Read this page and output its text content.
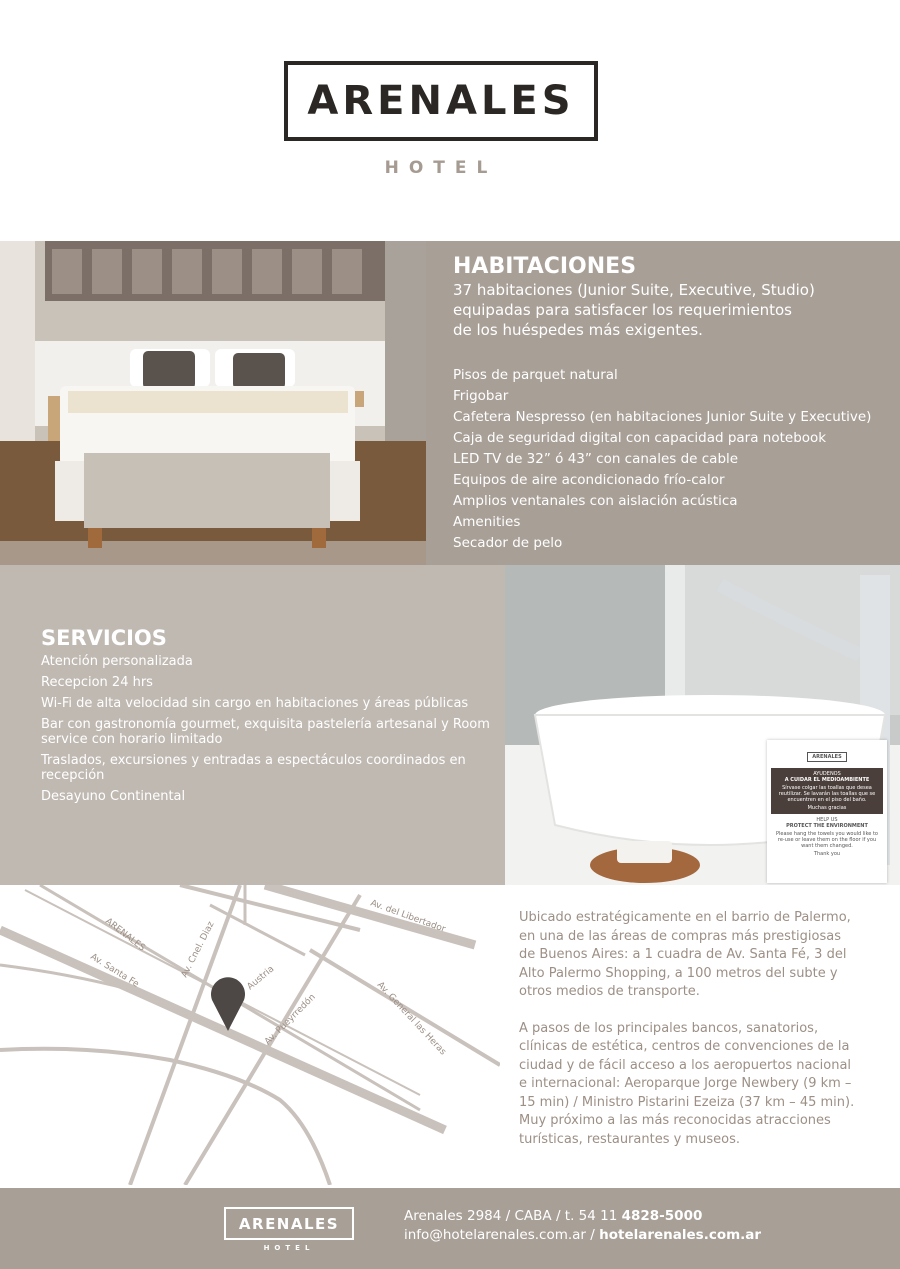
ARENALES
HOTEL
HABITACIONES
37 habitaciones (Junior Suite, Executive, Studio)
equipadas para satisfacer los requerimientos
de los huéspedes más exigentes.
Pisos de parquet natural
Frigobar
Cafetera Nespresso (en habitaciones Junior Suite y Executive)
Caja de seguridad digital con capacidad para notebook
LED TV de 32” ó 43” con canales de cable
Equipos de aire acondicionado frío-calor
Amplios ventanales con aislación acústica
Amenities
Secador de pelo
SERVICIOS
Atención personalizada
Recepcion 24 hrs
Wi-Fi de alta velocidad sin cargo en habitaciones y áreas públicas
Bar con gastronomía gourmet, exquisita pastelería artesanal y Room service con horario limitado
Traslados, excursiones y entradas a espectáculos coordinados en recepción
Desayuno Continental
ARENALES
AYUDENOS
A CUIDAR EL MEDIOAMBIENTE
Sírvase colgar las toallas que desea reutilizar. Se lavarán las toallas que se encuentren en el piso del baño.
Muchas gracias
HELP US
PROTECT THE ENVIRONMENT
Please hang the towels you would like to re-use or leave them on the floor if you want them changed.
Thank you
Av. del Libertador
ARENALES	Av. Cnel. Diaz
Av. Santa Fe	Austria
Av. General las Heras
Av. Pueyrredón

Ubicado estratégicamente en el barrio de Palermo, en una de las áreas de compras más prestigiosas de Buenos Aires: a 1 cuadra de Av. Santa Fé, 3 del Alto Palermo Shopping, a 100 metros del subte y otros medios de transporte.

A pasos de los principales bancos, sanatorios, clínicas de estética, centros de convenciones de la ciudad y de fácil acceso a los aeropuertos nacional e internacional: Aeroparque Jorge Newbery (9 km – 15 min) / Ministro Pistarini Ezeiza (37 km – 45 min). Muy próximo a las más reconocidas atracciones turísticas, restaurantes y museos.

ARENALES
HOTEL
Arenales 2984 / CABA / t. 54 11 4828-5000
info@hotelarenales.com.ar / hotelarenales.com.ar
